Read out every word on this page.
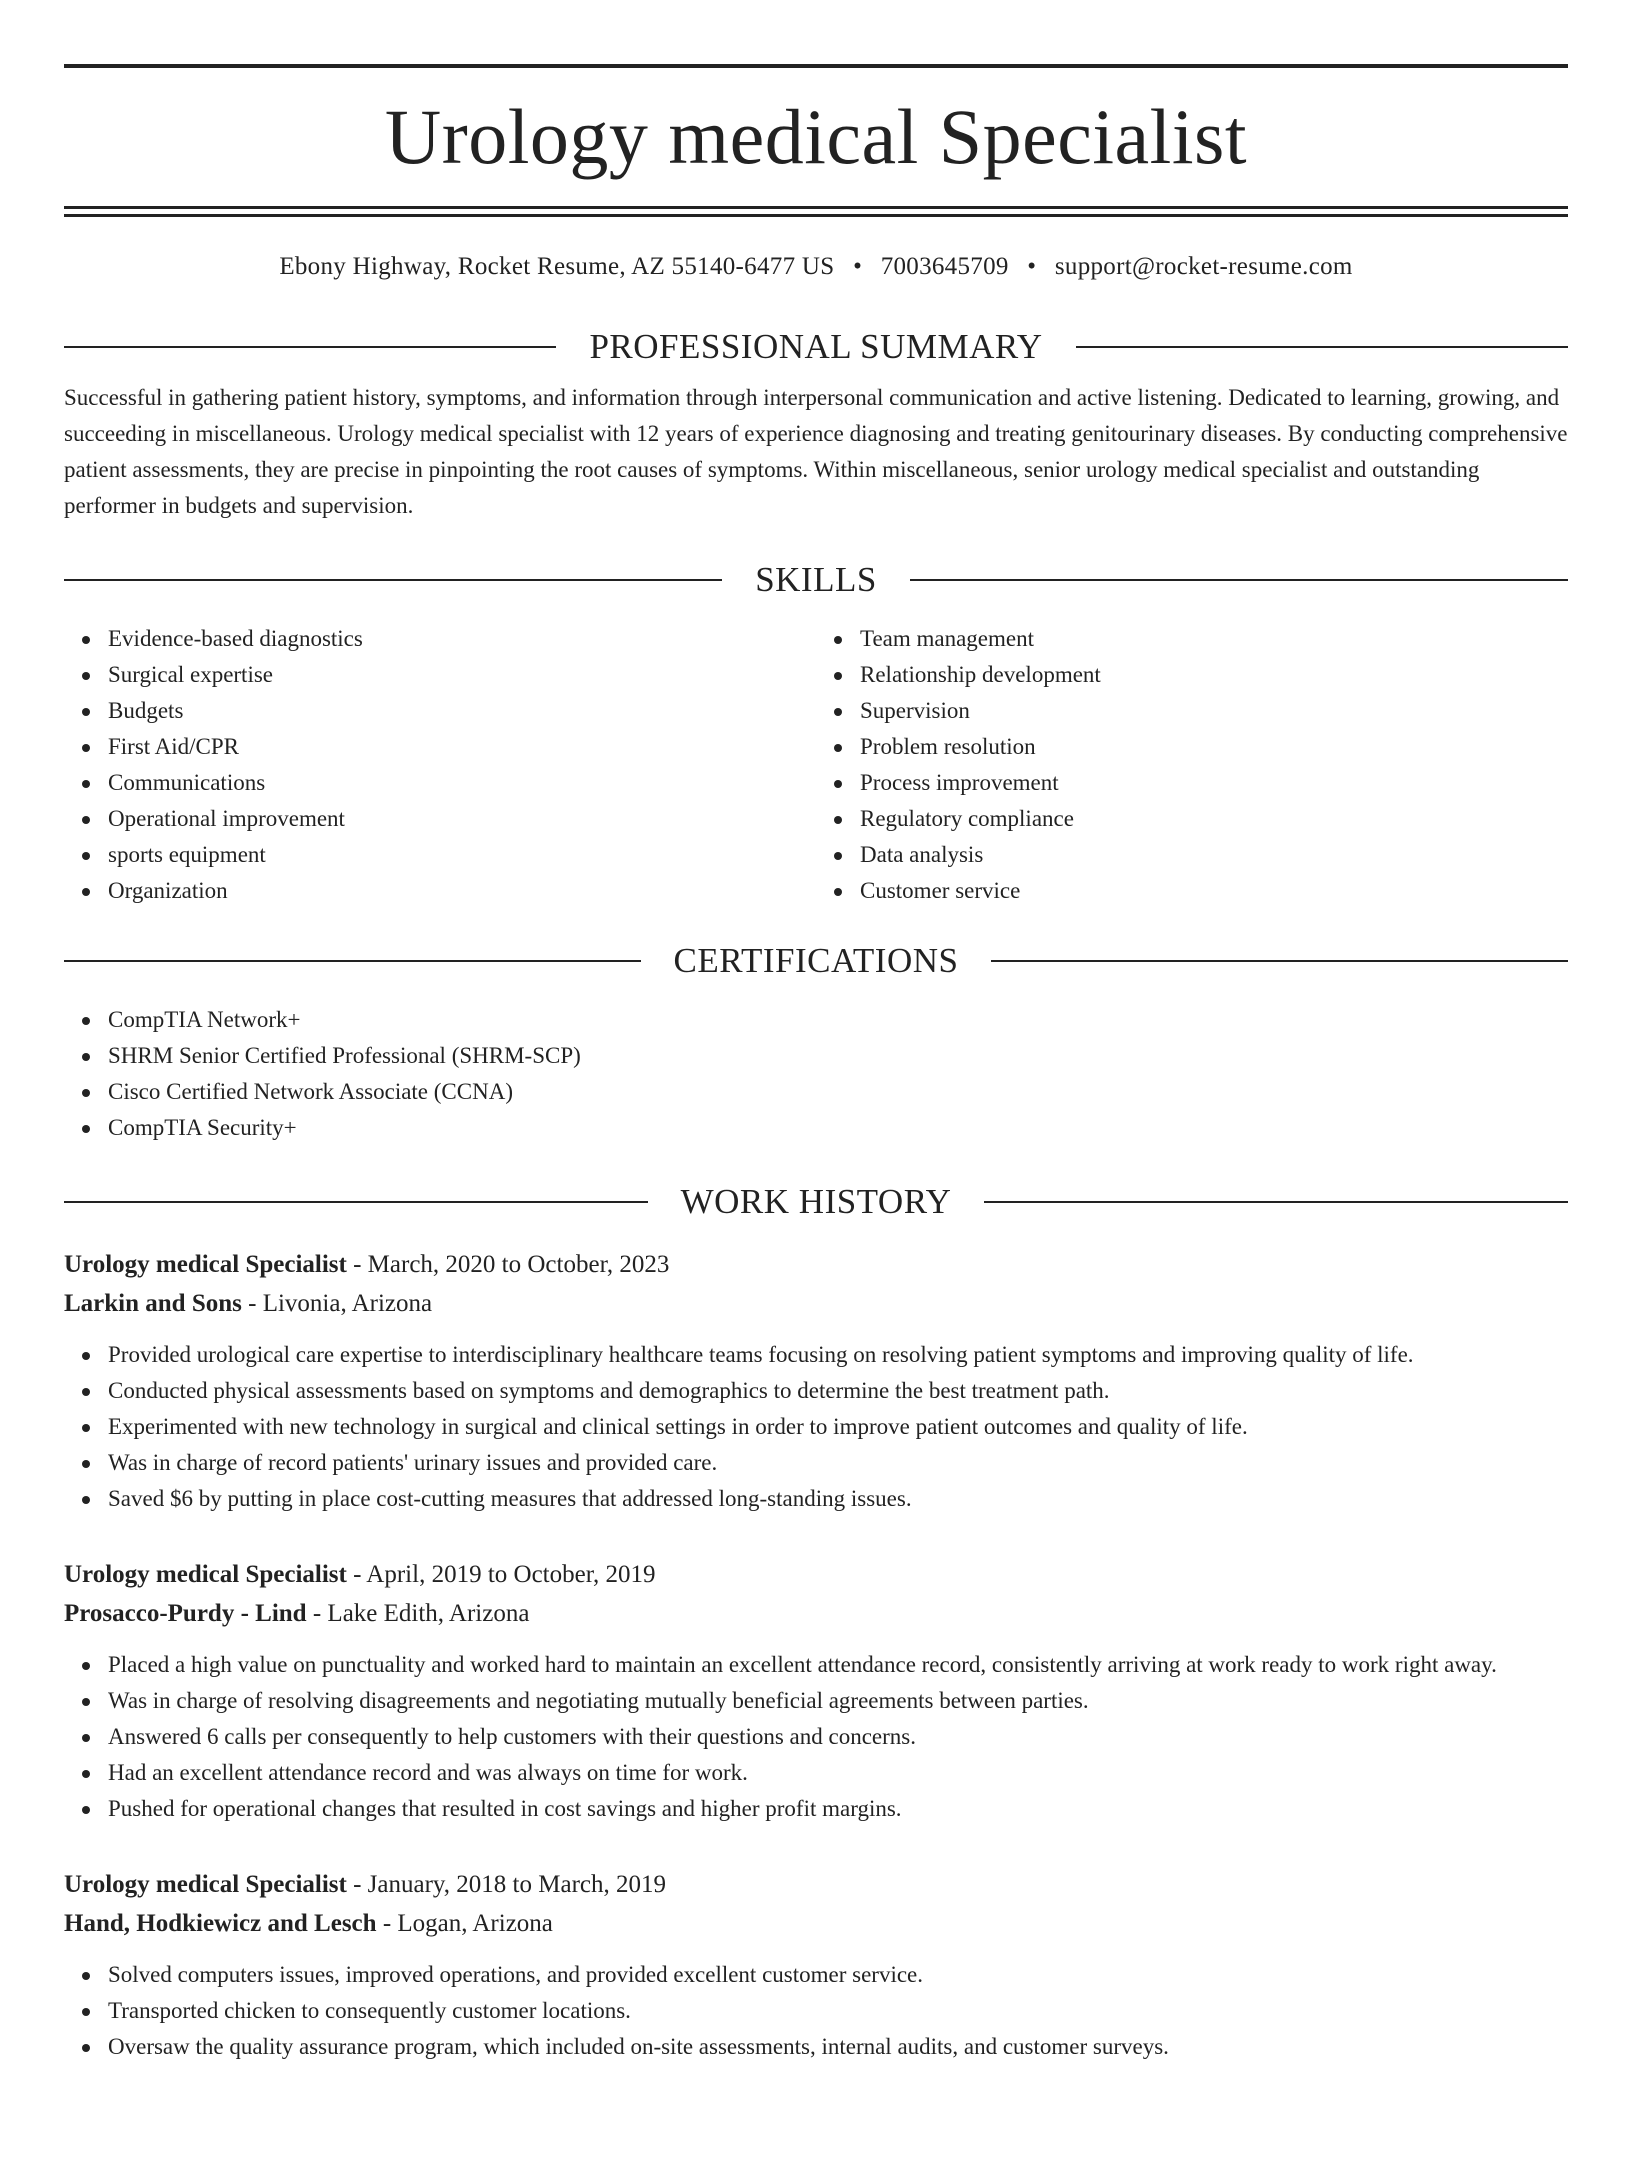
Urology medical Specialist
Ebony Highway, Rocket Resume, AZ 55140-6477 US • 7003645709 • support@rocket-resume.com
PROFESSIONAL SUMMARY

Successful in gathering patient history, symptoms, and information through interpersonal communication and active listening. Dedicated to learning, growing, and succeeding in miscellaneous. Urology medical specialist with 12 years of experience diagnosing and treating genitourinary diseases. By conducting comprehensive patient assessments, they are precise in pinpointing the root causes of symptoms. Within miscellaneous, senior urology medical specialist and outstanding performer in budgets and supervision.

SKILLS
Evidence-based diagnostics
Surgical expertise
Budgets
First Aid/CPR
Communications
Operational improvement
sports equipment
Organization
Team management
Relationship development
Supervision
Problem resolution
Process improvement
Regulatory compliance
Data analysis
Customer service
CERTIFICATIONS
CompTIA Network+
SHRM Senior Certified Professional (SHRM-SCP)
Cisco Certified Network Associate (CCNA)
CompTIA Security+
WORK HISTORY
Urology medical Specialist - March, 2020 to October, 2023
Larkin and Sons - Livonia, Arizona
Provided urological care expertise to interdisciplinary healthcare teams focusing on resolving patient symptoms and improving quality of life.
Conducted physical assessments based on symptoms and demographics to determine the best treatment path.
Experimented with new technology in surgical and clinical settings in order to improve patient outcomes and quality of life.
Was in charge of record patients' urinary issues and provided care.
Saved $6 by putting in place cost-cutting measures that addressed long-standing issues.
Urology medical Specialist - April, 2019 to October, 2019
Prosacco-Purdy - Lind - Lake Edith, Arizona
Placed a high value on punctuality and worked hard to maintain an excellent attendance record, consistently arriving at work ready to work right away.
Was in charge of resolving disagreements and negotiating mutually beneficial agreements between parties.
Answered 6 calls per consequently to help customers with their questions and concerns.
Had an excellent attendance record and was always on time for work.
Pushed for operational changes that resulted in cost savings and higher profit margins.
Urology medical Specialist - January, 2018 to March, 2019
Hand, Hodkiewicz and Lesch - Logan, Arizona
Solved computers issues, improved operations, and provided excellent customer service.
Transported chicken to consequently customer locations.
Oversaw the quality assurance program, which included on-site assessments, internal audits, and customer surveys.
